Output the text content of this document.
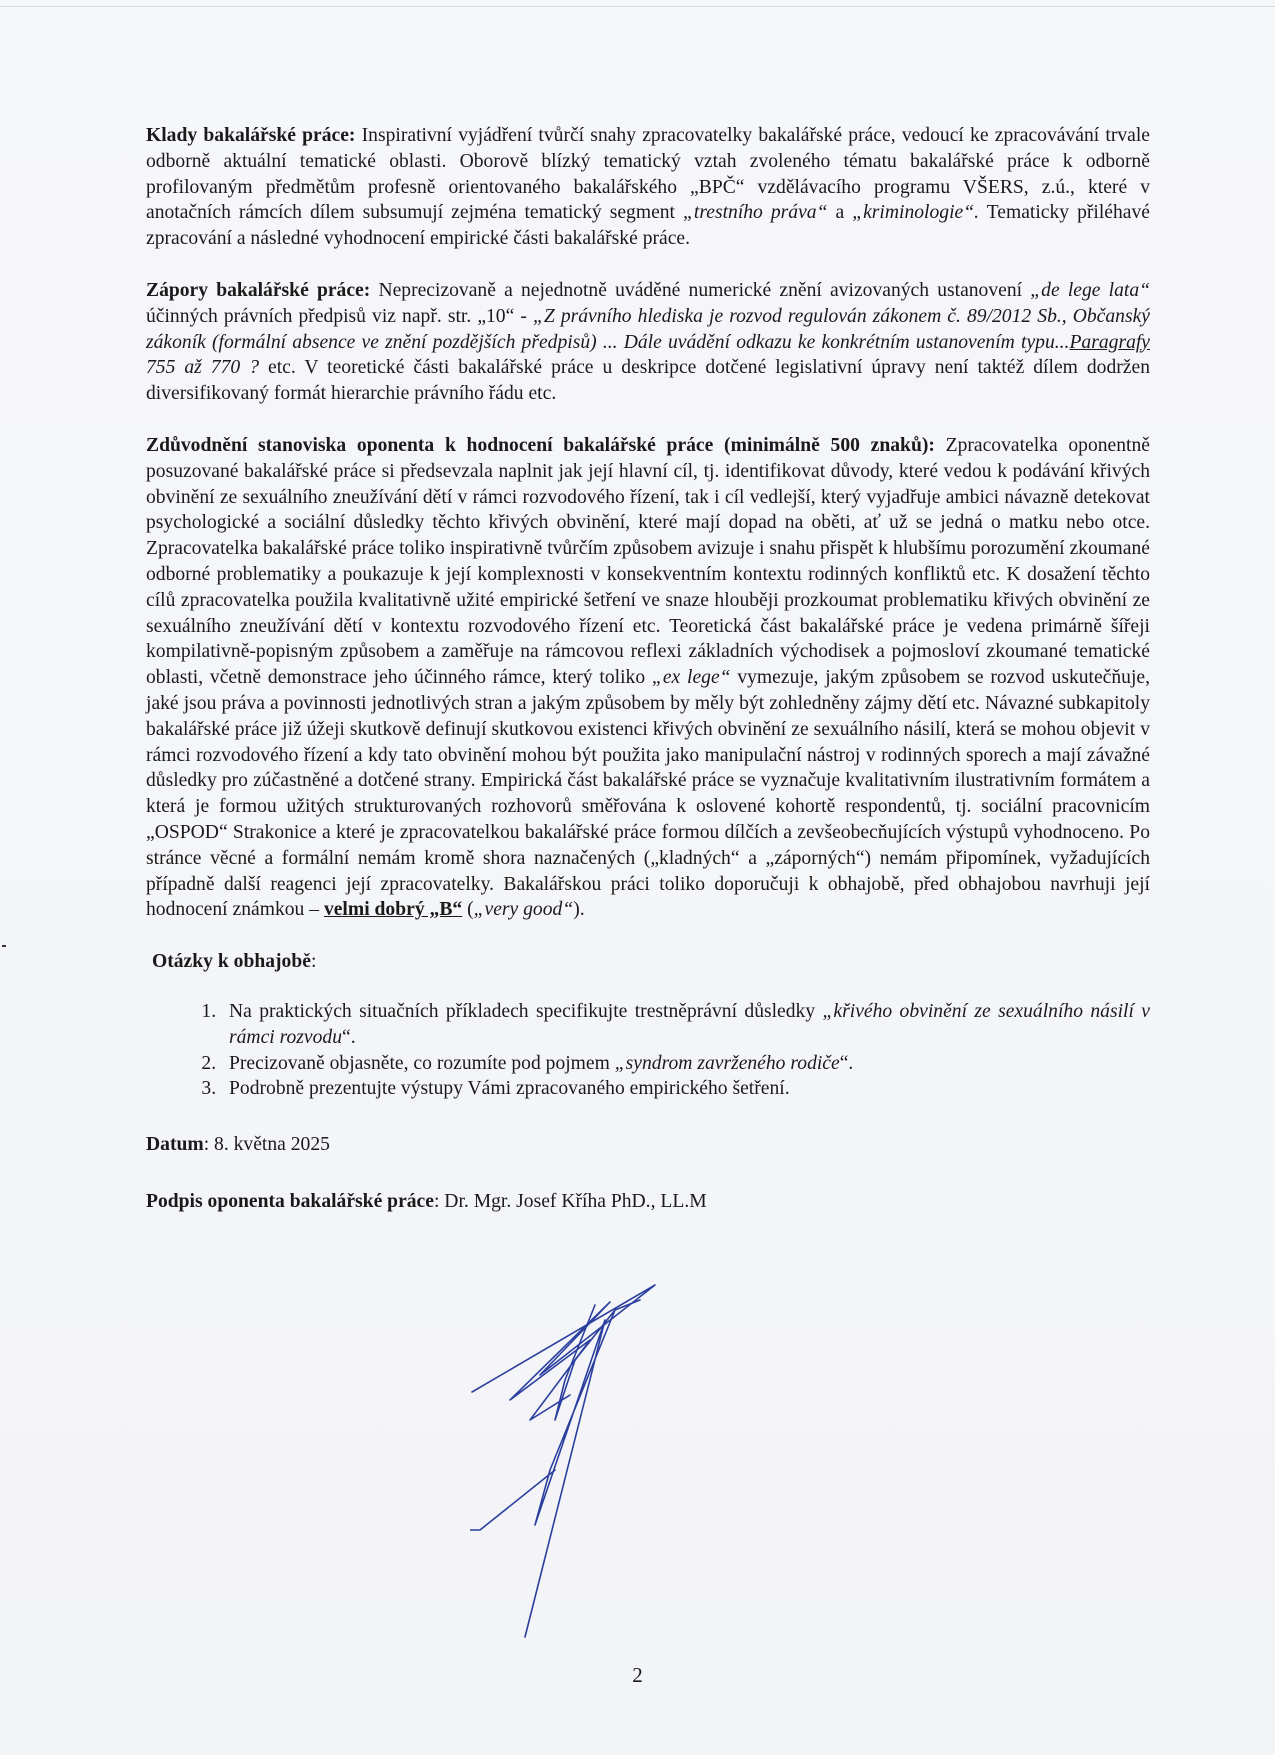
Klady bakalářské práce: Inspirativní vyjádření tvůrčí snahy zpracovatelky bakalářské práce, vedoucí ke zpracovávání trvale odborně aktuální tematické oblasti. Oborově blízký tematický vztah zvoleného tématu bakalářské práce k odborně profilovaným předmětům profesně orientovaného bakalářského „BPČ“ vzdělávacího programu VŠERS, z.ú., které v anotačních rámcích dílem subsumují zejména tematický segment „trestního práva“ a „kriminologie“. Tematicky přiléhavé zpracování a následné vyhodnocení empirické části bakalářské práce.

Zápory bakalářské práce: Neprecizovaně a nejednotně uváděné numerické znění avizovaných ustanovení „de lege lata“ účinných právních předpisů viz např. str. „10“ - „Z právního hlediska je rozvod regulován zákonem č. 89/2012 Sb., Občanský zákoník (formální absence ve znění pozdějších předpisů) ... Dále uvádění odkazu ke konkrétním ustanovením typu...Paragrafy 755 až 770 ? etc. V teoretické části bakalářské práce u deskripce dotčené legislativní úpravy není taktéž dílem dodržen diversifikovaný formát hierarchie právního řádu etc.

Zdůvodnění stanoviska oponenta k hodnocení bakalářské práce (minimálně 500 znaků): Zpracovatelka oponentně posuzované bakalářské práce si předsevzala naplnit jak její hlavní cíl, tj. identifikovat důvody, které vedou k podávání křivých obvinění ze sexuálního zneužívání dětí v rámci rozvodového řízení, tak i cíl vedlejší, který vyjadřuje ambici návazně detekovat psychologické a sociální důsledky těchto křivých obvinění, které mají dopad na oběti, ať už se jedná o matku nebo otce. Zpracovatelka bakalářské práce toliko inspirativně tvůrčím způsobem avizuje i snahu přispět k hlubšímu porozumění zkoumané odborné problematiky a poukazuje k její komplexnosti v konsekventním kontextu rodinných konfliktů etc. K dosažení těchto cílů zpracovatelka použila kvalitativně užité empirické šetření ve snaze hlouběji prozkoumat problematiku křivých obvinění ze sexuálního zneužívání dětí v kontextu rozvodového řízení etc. Teoretická část bakalářské práce je vedena primárně šířeji kompilativně-popisným způsobem a zaměřuje na rámcovou reflexi základních východisek a pojmosloví zkoumané tematické oblasti, včetně demonstrace jeho účinného rámce, který toliko „ex lege“ vymezuje, jakým způsobem se rozvod uskutečňuje, jaké jsou práva a povinnosti jednotlivých stran a jakým způsobem by měly být zohledněny zájmy dětí etc. Návazné subkapitoly bakalářské práce již úžeji skutkově definují skutkovou existenci křivých obvinění ze sexuálního násilí, která se mohou objevit v rámci rozvodového řízení a kdy tato obvinění mohou být použita jako manipulační nástroj v rodinných sporech a mají závažné důsledky pro zúčastněné a dotčené strany. Empirická část bakalářské práce se vyznačuje kvalitativním ilustrativním formátem a která je formou užitých strukturovaných rozhovorů směřována k oslovené kohortě respondentů, tj. sociální pracovnicím „OSPOD“ Strakonice a které je zpracovatelkou bakalářské práce formou dílčích a zevšeobecňujících výstupů vyhodnoceno. Po stránce věcné a formální nemám kromě shora naznačených („kladných“ a „záporných“) nemám připomínek, vyžadujících případně další reagenci její zpracovatelky. Bakalářskou práci toliko doporučuji k obhajobě, před obhajobou navrhuji její hodnocení známkou – velmi dobrý „B“ („very good“).

Otázky k obhajobě:
1. Na praktických situačních příkladech specifikujte trestněprávní důsledky „křivého obvinění ze sexuálního násilí v rámci rozvodu“.
2. Precizovaně objasněte, co rozumíte pod pojmem „syndrom zavrženého rodiče“.
3. Podrobně prezentujte výstupy Vámi zpracovaného empirického šetření.
Datum: 8. května 2025
Podpis oponenta bakalářské práce: Dr. Mgr. Josef Kříha PhD., LL.M
2
